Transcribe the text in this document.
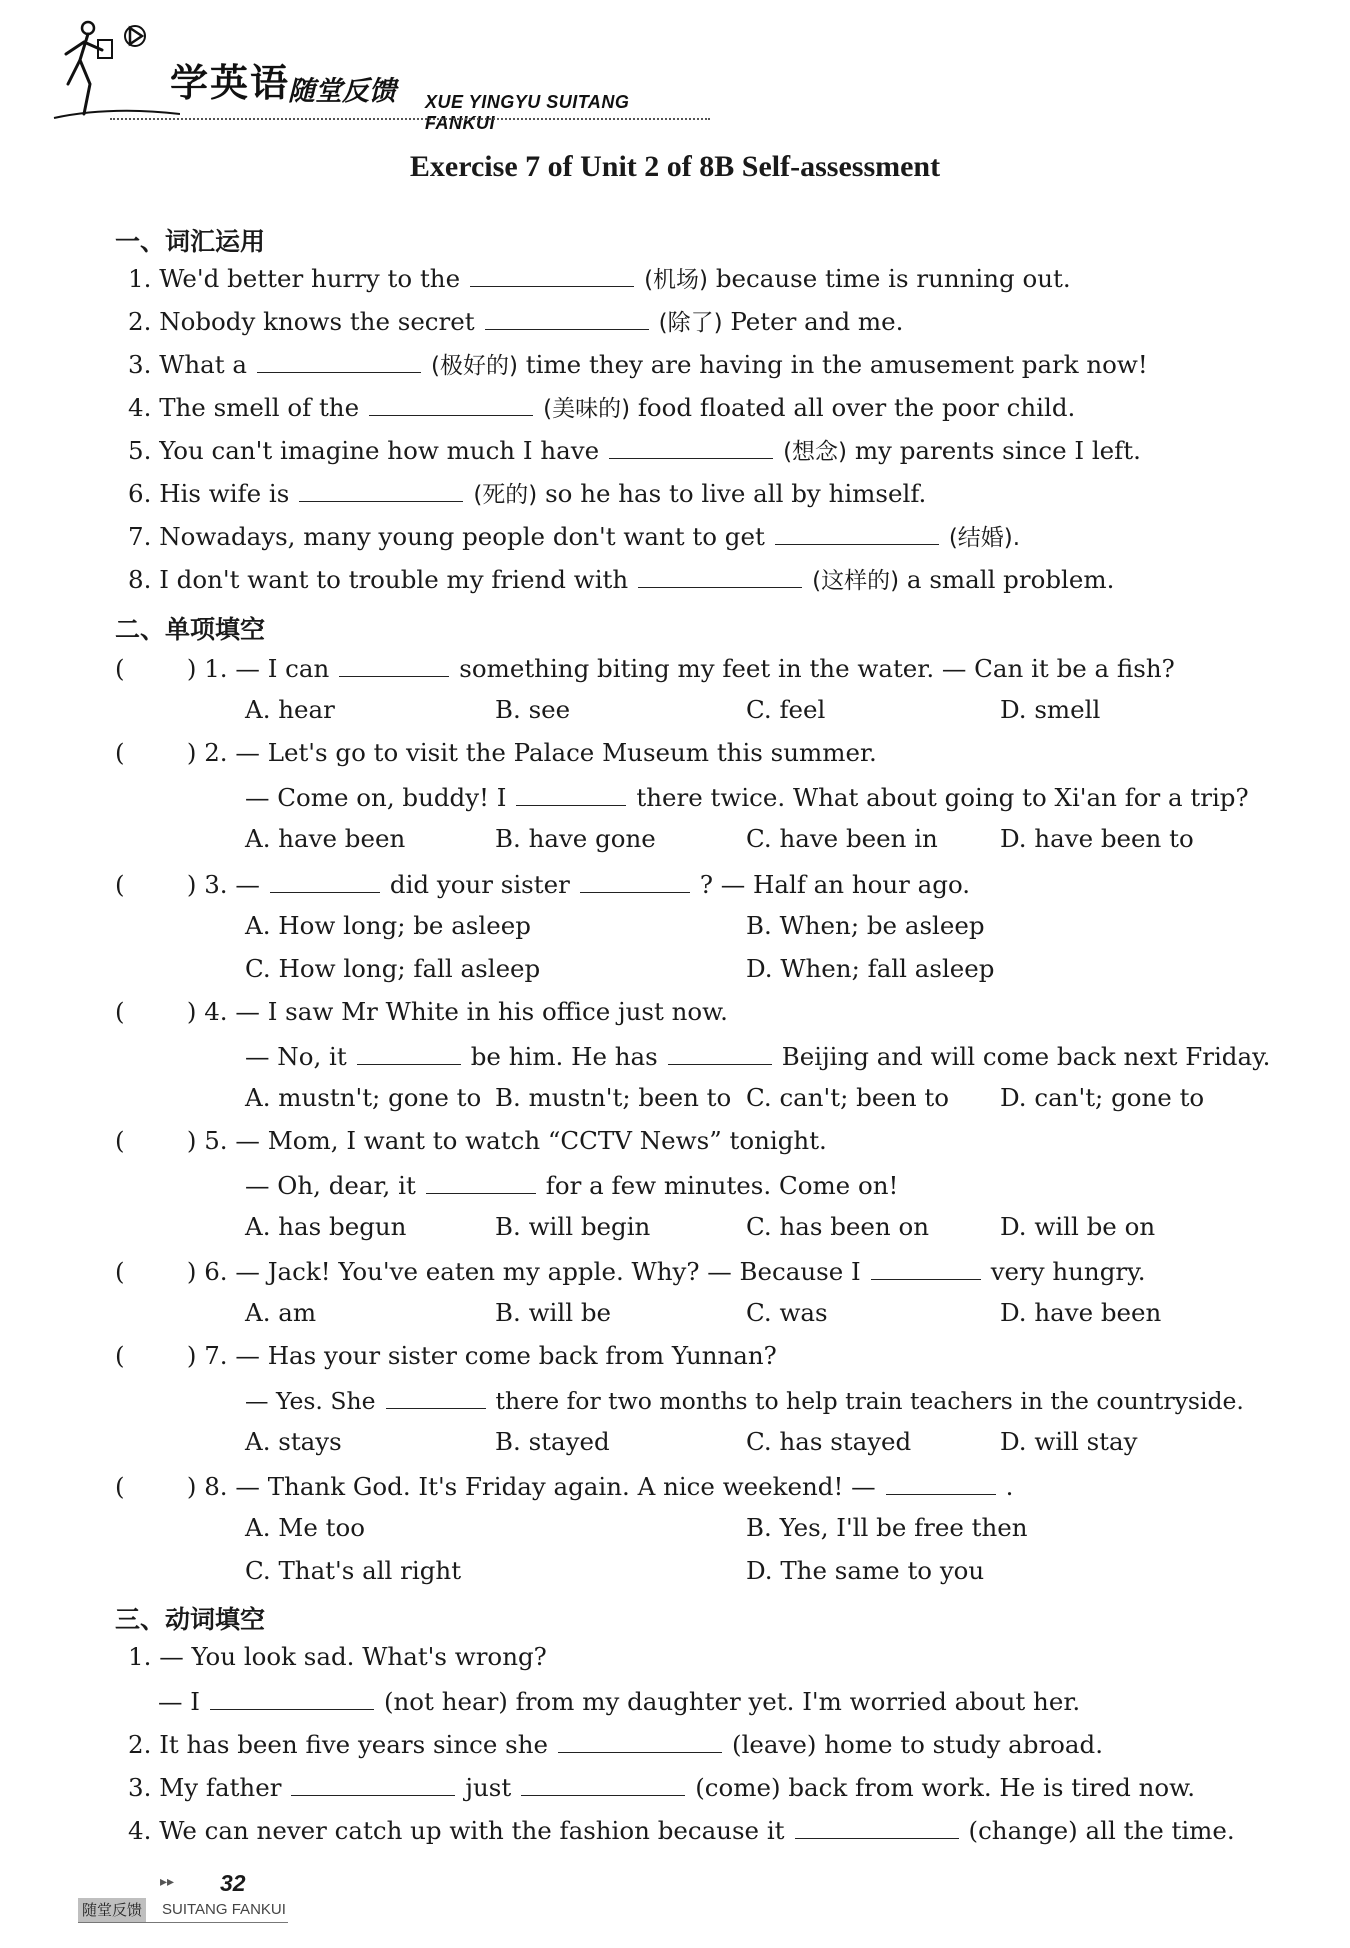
学英语
随堂反馈 XUE YINGYU SUITANG FANKUI
Exercise 7 of Unit 2 of 8B Self-assessment
一、词汇运用
1. We'd better hurry to the	(机场) because time is running out.
2. Nobody knows the secret	(除了) Peter and me.
3. What a	(极好的) time they are having in the amusement park now!
4. The smell of the	(美味的) food floated all over the poor child.
5. You can't imagine how much I have	(想念) my parents since I left.
6. His wife is	(死的) so he has to live all by himself.
7. Nowadays, many young people don't want to get	(结婚).
8. I don't want to trouble my friend with	(这样的) a small problem.
二、单项填空
(        ) 1. — I can	something biting my feet in the water. — Can it be a fish?
A. hear	B. see	C. feel	D. smell
(        ) 2. — Let's go to visit the Palace Museum this summer.
— Come on, buddy! I	there twice. What about going to Xi'an for a trip?
A. have been	B. have gone	C. have been in	D. have been to
(        ) 3. —	did your sister	? — Half an hour ago.
A. How long; be asleep	B. When; be asleep
C. How long; fall asleep	D. When; fall asleep
(        ) 4. — I saw Mr White in his office just now.
— No, it	be him. He has	Beijing and will come back next Friday.
A. mustn't; gone to B. mustn't; been to C. can't; been to D. can't; gone to
(        ) 5. — Mom, I want to watch “CCTV News” tonight.
— Oh, dear, it	for a few minutes. Come on!
A. has begun	B. will begin	C. has been on	D. will be on
(        ) 6. — Jack! You've eaten my apple. Why? — Because I	very hungry.
A. am	B. will be	C. was	D. have been
(        ) 7. — Has your sister come back from Yunnan?
— Yes. She	there for two months to help train teachers in the countryside.
A. stays	B. stayed	C. has stayed	D. will stay
(        ) 8. — Thank God. It's Friday again. A nice weekend! —	.
A. Me too	B. Yes, I'll be free then
C. That's all right	D. The same to you
三、动词填空
1. — You look sad. What's wrong?
— I	(not hear) from my daughter yet. I'm worried about her.
2. It has been five years since she	(leave) home to study abroad.
3. My father	just	(come) back from work. He is tired now.
4. We can never catch up with the fashion because it	(change) all the time.
▸▸ 32
随堂反馈 SUITANG FANKUI
